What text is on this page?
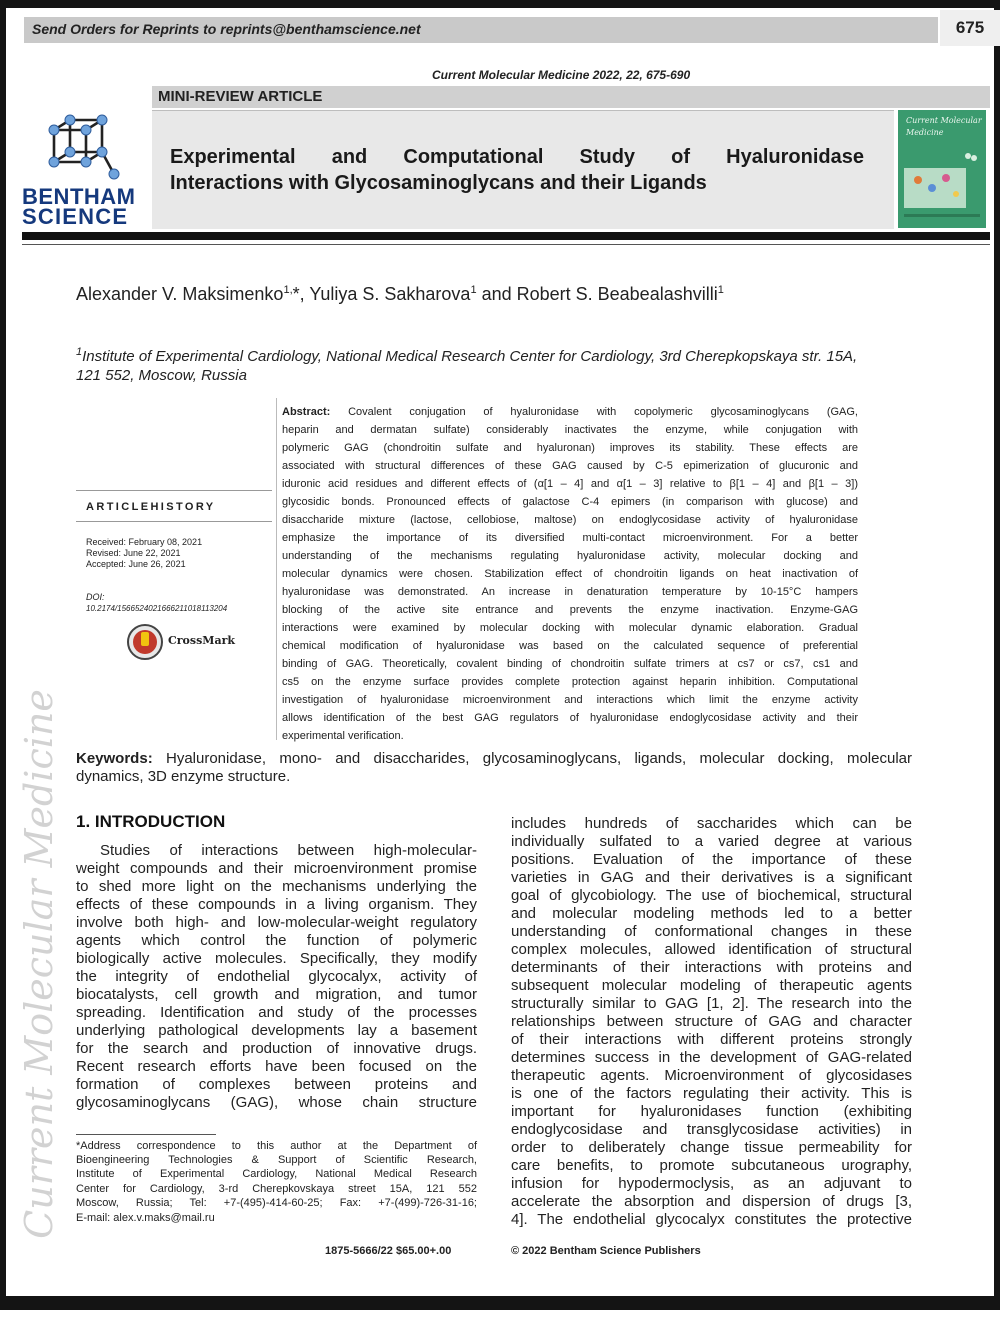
Send Orders for Reprints to reprints@benthamscience.net	675
Current Molecular Medicine 2022, 22, 675-690
MINI-REVIEW ARTICLE
BENTHAM
SCIENCE
Experimental and Computational Study of Hyaluronidase
Interactions with Glycosaminoglycans and their Ligands
Current Molecular
Medicine
Alexander V. Maksimenko$^{1,}$*, Yuliya S. Sakharova$^1$ and Robert S. Beabealashvilli$^1$
$^1$Institute of Experimental Cardiology, National Medical Research Center for Cardiology, 3rd Cherepkopskaya str. 15A, 121 552, Moscow, Russia
ARTICLEHISTORY
Received: February 08, 2021
Revised: June 22, 2021
Accepted: June 26, 2021
DOI:
10.2174/1566524021666211018113204
CrossMark
Abstract: Covalent conjugation of hyaluronidase with copolymeric glycosaminoglycans (GAG,
heparin and dermatan sulfate) considerably inactivates the enzyme, while conjugation with
polymeric GAG (chondroitin sulfate and hyaluronan) improves its stability. These effects are
associated with structural differences of these GAG caused by C-5 epimerization of glucuronic and
iduronic acid residues and different effects of (α[1 – 4] and α[1 – 3] relative to β[1 – 4] and β[1 – 3])
glycosidic bonds. Pronounced effects of galactose C-4 epimers (in comparison with glucose) and
disaccharide mixture (lactose, cellobiose, maltose) on endoglycosidase activity of hyaluronidase
emphasize the importance of its diversified multi-contact microenvironment. For a better
understanding of the mechanisms regulating hyaluronidase activity, molecular docking and
molecular dynamics were chosen. Stabilization effect of chondroitin ligands on heat inactivation of
hyaluronidase was demonstrated. An increase in denaturation temperature by 10-15°C hampers
blocking of the active site entrance and prevents the enzyme inactivation. Enzyme-GAG
interactions were examined by molecular docking with molecular dynamic elaboration. Gradual
chemical modification of hyaluronidase was based on the calculated sequence of preferential
binding of GAG. Theoretically, covalent binding of chondroitin sulfate trimers at cs7 or cs7, cs1 and
cs5 on the enzyme surface provides complete protection against heparin inhibition. Computational
investigation of hyaluronidase microenvironment and interactions which limit the enzyme activity
allows identification of the best GAG regulators of hyaluronidase endoglycosidase activity and their
experimental verification.
Keywords: Hyaluronidase, mono- and disaccharides, glycosaminoglycans, ligands, molecular docking, molecular
dynamics, 3D enzyme structure.
1. INTRODUCTION
Studies of interactions between high-molecular-
weight compounds and their microenvironment promise
to shed more light on the mechanisms underlying the
effects of these compounds in a living organism. They
involve both high- and low-molecular-weight regulatory
agents which control the function of polymeric
biologically active molecules. Specifically, they modify
the integrity of endothelial glycocalyx, activity of
biocatalysts, cell growth and migration, and tumor
spreading. Identification and study of the processes
underlying pathological developments lay a basement
for the search and production of innovative drugs.
Recent research efforts have been focused on the
formation of complexes between proteins and
glycosaminoglycans (GAG), whose chain structure
includes hundreds of saccharides which can be
individually sulfated to a varied degree at various
positions. Evaluation of the importance of these
varieties in GAG and their derivatives is a significant
goal of glycobiology. The use of biochemical, structural
and molecular modeling methods led to a better
understanding of conformational changes in these
complex molecules, allowed identification of structural
determinants of their interactions with proteins and
subsequent molecular modeling of therapeutic agents
structurally similar to GAG [1, 2]. The research into the
relationships between structure of GAG and character
of their interactions with different proteins strongly
determines success in the development of GAG-related
therapeutic agents. Microenvironment of glycosidases
is one of the factors regulating their activity. This is
important for hyaluronidases function (exhibiting
endoglycosidase and transglycosidase activities) in
order to deliberately change tissue permeability for
care benefits, to promote subcutaneous urography,
infusion for hypodermoclysis, as an adjuvant to
accelerate the absorption and dispersion of drugs [3,
4]. The endothelial glycocalyx constitutes the protective
*Address correspondence to this author at the Department of
Bioengineering Technologies & Support of Scientific Research,
Institute of Experimental Cardiology, National Medical Research
Center for Cardiology, 3-rd Cherepkovskaya street 15A, 121 552
Moscow, Russia; Tel: +7-(495)-414-60-25; Fax: +7-(499)-726-31-16;
E-mail: alex.v.maks@mail.ru
1875-5666/22 $65.00+.00	© 2022 Bentham Science Publishers
Current Molecular Medicine
